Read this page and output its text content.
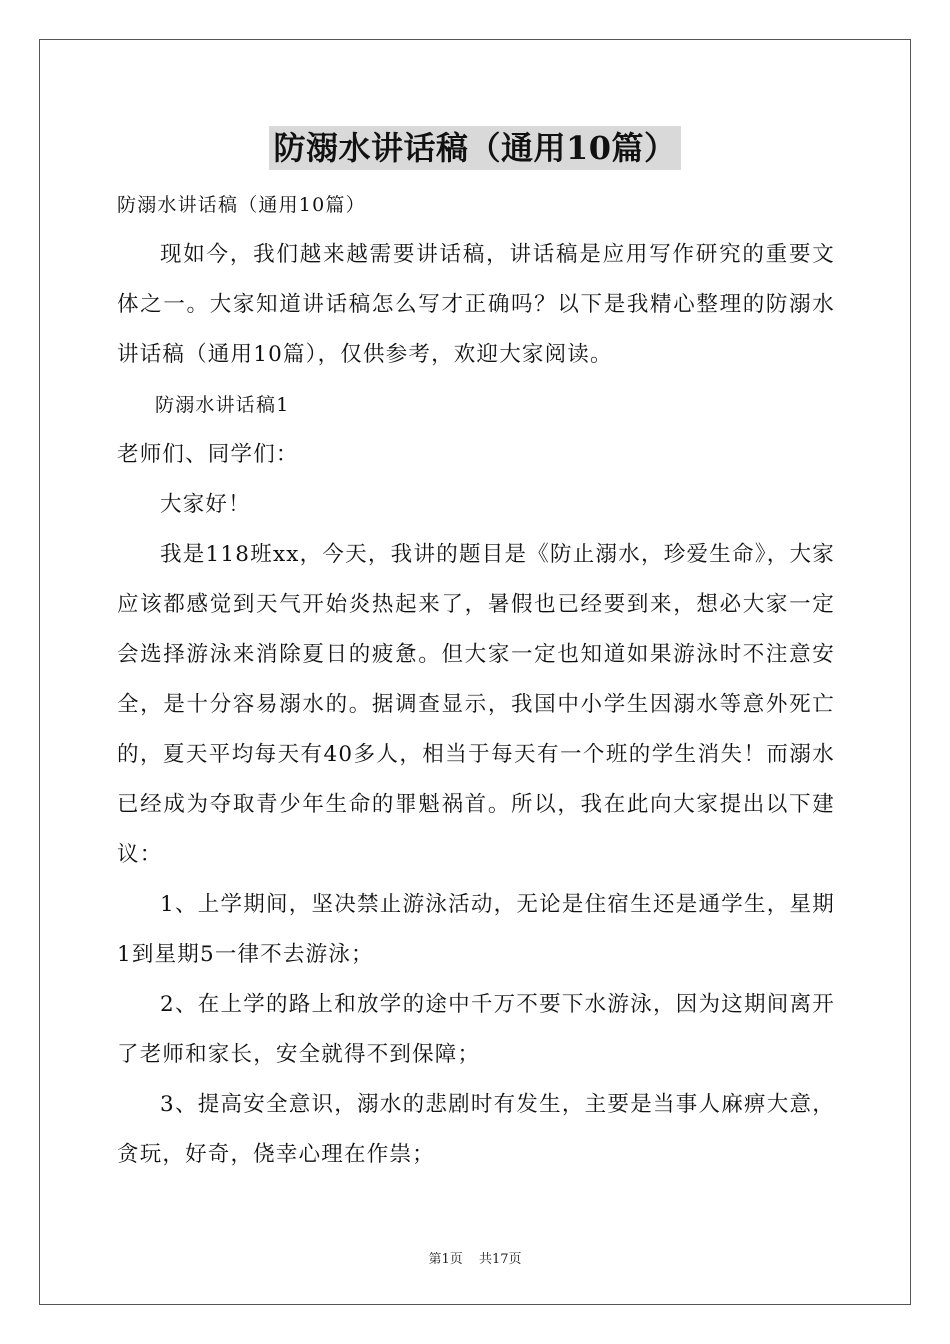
防溺水讲话稿（通用10篇）

防溺水讲话稿（通用10篇）

现如今，我们越来越需要讲话稿，讲话稿是应用写作研究的重要文体之一。大家知道讲话稿怎么写才正确吗？以下是我精心整理的防溺水讲话稿（通用10篇），仅供参考，欢迎大家阅读。

防溺水讲话稿1

老师们、同学们：

大家好！

我是118班xx，今天，我讲的题目是《防止溺水，珍爱生命》，大家应该都感觉到天气开始炎热起来了，暑假也已经要到来，想必大家一定会选择游泳来消除夏日的疲惫。但大家一定也知道如果游泳时不注意安全，是十分容易溺水的。据调查显示，我国中小学生因溺水等意外死亡的，夏天平均每天有40多人，相当于每天有一个班的学生消失！而溺水已经成为夺取青少年生命的罪魁祸首。所以，我在此向大家提出以下建议：

1、上学期间，坚决禁止游泳活动，无论是住宿生还是通学生，星期1到星期5一律不去游泳；

2、在上学的路上和放学的途中千万不要下水游泳，因为这期间离开了老师和家长，安全就得不到保障；

3、提高安全意识，溺水的悲剧时有发生，主要是当事人麻痹大意，贪玩，好奇，侥幸心理在作祟；

第1页 共17页
